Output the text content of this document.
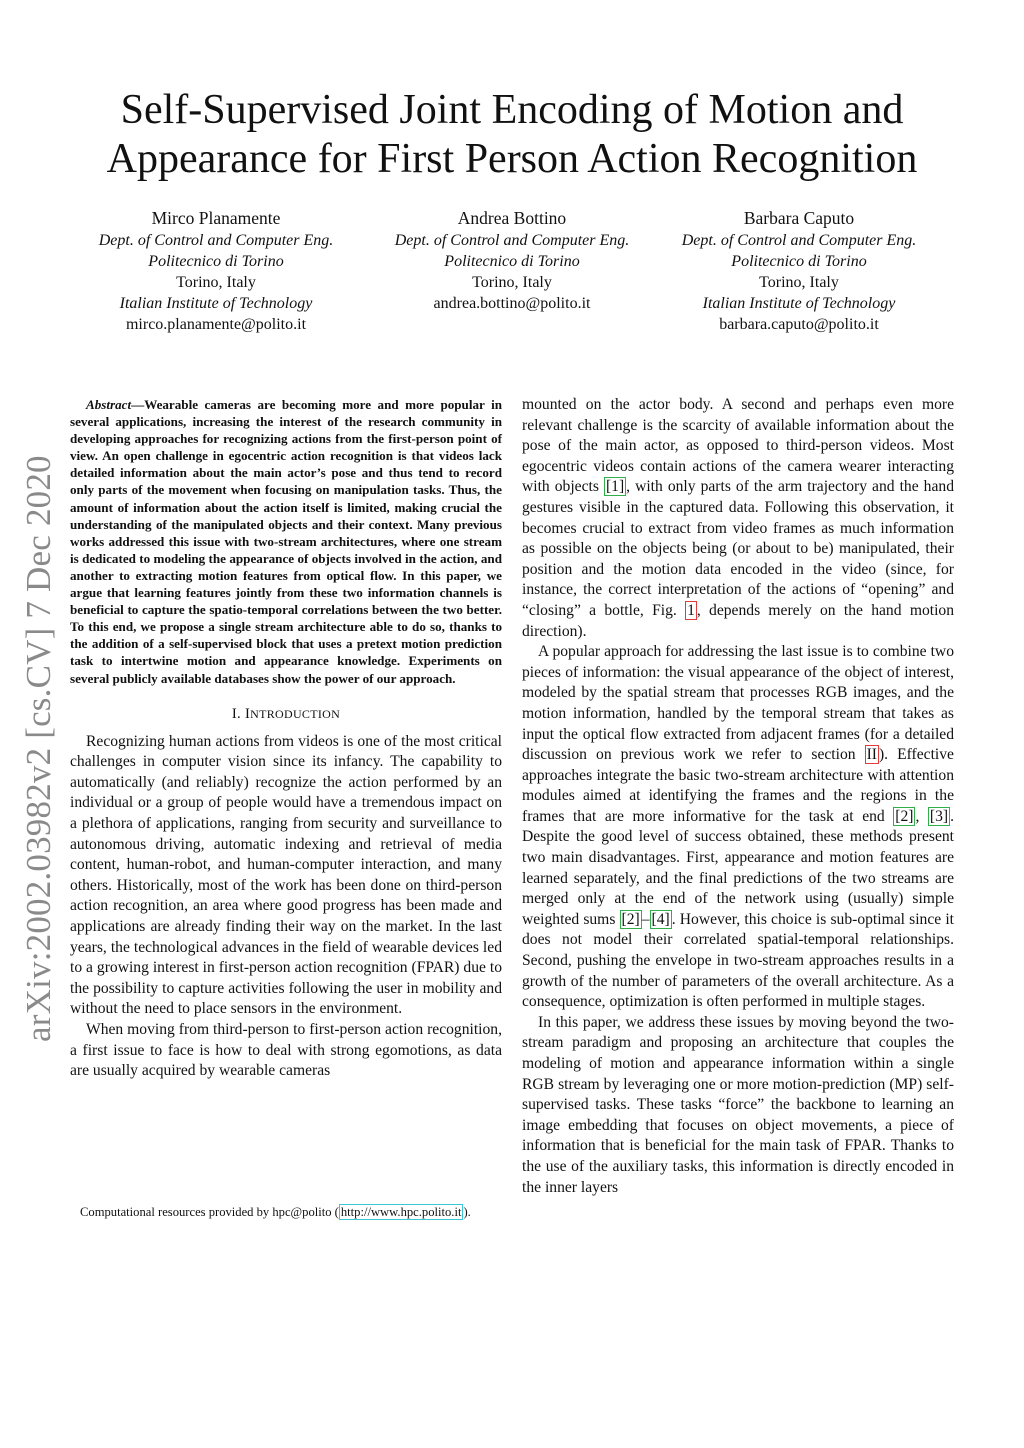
Self-Supervised Joint Encoding of Motion and
Appearance for First Person Action Recognition
Mirco Planamente
Dept. of Control and Computer Eng.
Politecnico di Torino
Torino, Italy
Italian Institute of Technology
mirco.planamente@polito.it
Andrea Bottino
Dept. of Control and Computer Eng.
Politecnico di Torino
Torino, Italy
andrea.bottino@polito.it
Barbara Caputo
Dept. of Control and Computer Eng.
Politecnico di Torino
Torino, Italy
Italian Institute of Technology
barbara.caputo@polito.it
arXiv:2002.03982v2 [cs.CV] 7 Dec 2020

Abstract—Wearable cameras are becoming more and more popular in several applications, increasing the interest of the research community in developing approaches for recognizing actions from the first-person point of view. An open challenge in egocentric action recognition is that videos lack detailed information about the main actor’s pose and thus tend to record only parts of the movement when focusing on manipulation tasks. Thus, the amount of information about the action itself is limited, making crucial the understanding of the manipulated objects and their context. Many previous works addressed this issue with two-stream architectures, where one stream is dedicated to modeling the appearance of objects involved in the action, and another to extracting motion features from optical flow. In this paper, we argue that learning features jointly from these two information channels is beneficial to capture the spatio-temporal correlations between the two better. To this end, we propose a single stream architecture able to do so, thanks to the addition of a self-supervised block that uses a pretext motion prediction task to intertwine motion and appearance knowledge. Experiments on several publicly available databases show the power of our approach.

I. INTRODUCTION

Recognizing human actions from videos is one of the most critical challenges in computer vision since its infancy. The capability to automatically (and reliably) recognize the action performed by an individual or a group of people would have a tremendous impact on a plethora of applications, ranging from security and surveillance to autonomous driving, automatic indexing and retrieval of media content, human-robot, and human-computer interaction, and many others. Historically, most of the work has been done on third-person action recognition, an area where good progress has been made and applications are already finding their way on the market. In the last years, the technological advances in the field of wearable devices led to a growing interest in first-person action recognition (FPAR) due to the possibility to capture activities following the user in mobility and without the need to place sensors in the environment.

When moving from third-person to first-person action recognition, a first issue to face is how to deal with strong egomotions, as data are usually acquired by wearable cameras

Computational resources provided by hpc@polito ( http://www.hpc.polito.it ).

mounted on the actor body. A second and perhaps even more relevant challenge is the scarcity of available information about the pose of the main actor, as opposed to third-person videos. Most egocentric videos contain actions of the camera wearer interacting with objects [1] , with only parts of the arm trajectory and the hand gestures visible in the captured data. Following this observation, it becomes crucial to extract from video frames as much information as possible on the objects being (or about to be) manipulated, their position and the motion data encoded in the video (since, for instance, the correct interpretation of the actions of “opening” and “closing” a bottle, Fig. 1 , depends merely on the hand motion direction).

A popular approach for addressing the last issue is to combine two pieces of information: the visual appearance of the object of interest, modeled by the spatial stream that processes RGB images, and the motion information, handled by the temporal stream that takes as input the optical flow extracted from adjacent frames (for a detailed discussion on previous work we refer to section II ). Effective approaches integrate the basic two-stream architecture with attention modules aimed at identifying the frames and the regions in the frames that are more informative for the task at end [2] , [3] . Despite the good level of success obtained, these methods present two main disadvantages. First, appearance and motion features are learned separately, and the final predictions of the two streams are merged only at the end of the network using (usually) simple weighted sums [2] – [4] . However, this choice is sub-optimal since it does not model their correlated spatial-temporal relationships. Second, pushing the envelope in two-stream approaches results in a growth of the number of parameters of the overall architecture. As a consequence, optimization is often performed in multiple stages.

In this paper, we address these issues by moving beyond the two-stream paradigm and proposing an architecture that couples the modeling of motion and appearance information within a single RGB stream by leveraging one or more motion-prediction (MP) self-supervised tasks. These tasks “force” the backbone to learning an image embedding that focuses on object movements, a piece of information that is beneficial for the main task of FPAR. Thanks to the use of the auxiliary tasks, this information is directly encoded in the inner layers
